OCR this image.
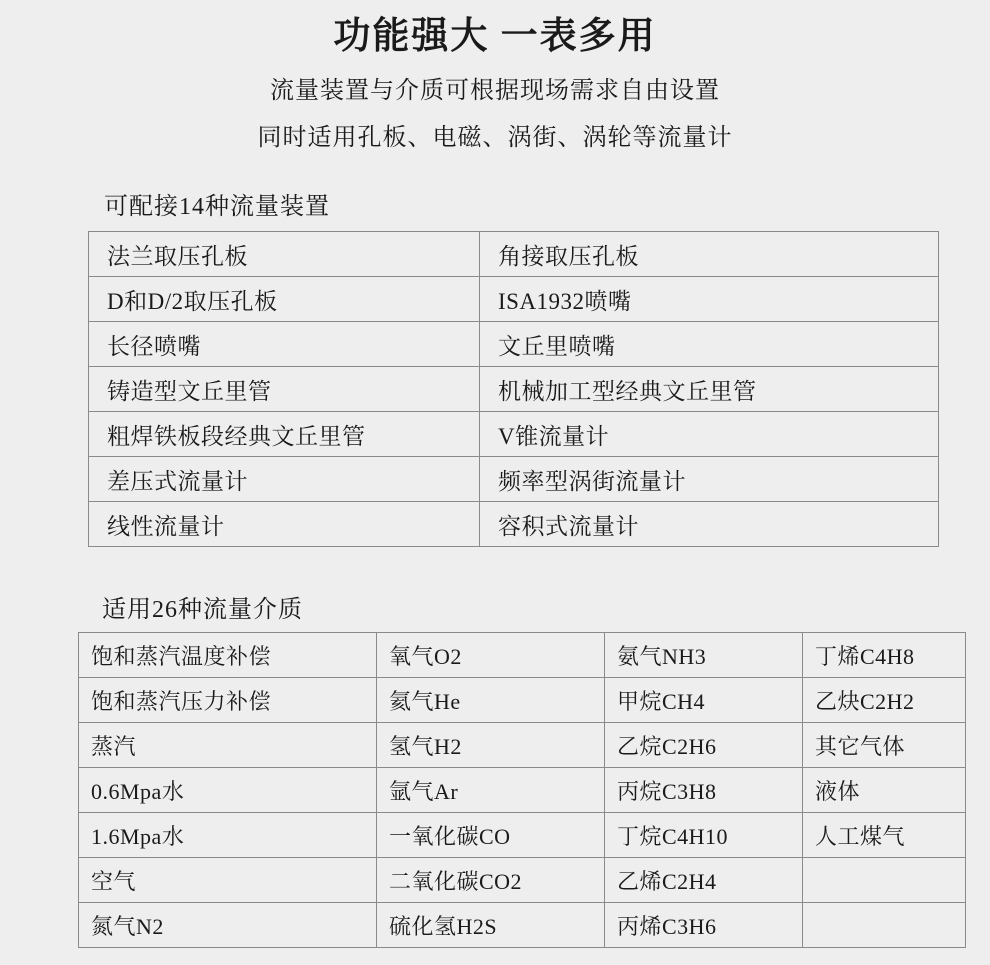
功能强大 一表多用
流量装置与介质可根据现场需求自由设置
同时适用孔板、电磁、涡街、涡轮等流量计
可配接14种流量装置
法兰取压孔板	角接取压孔板
D和D/2取压孔板	ISA1932喷嘴
长径喷嘴	文丘里喷嘴
铸造型文丘里管	机械加工型经典文丘里管
粗焊铁板段经典文丘里管	V锥流量计
差压式流量计	频率型涡街流量计
线性流量计	容积式流量计
适用26种流量介质
饱和蒸汽温度补偿	氧气O2	氨气NH3	丁烯C4H8
饱和蒸汽压力补偿	氦气He	甲烷CH4	乙炔C2H2
蒸汽	氢气H2	乙烷C2H6	其它气体
0.6Mpa水	氩气Ar	丙烷C3H8	液体
1.6Mpa水	一氧化碳CO	丁烷C4H10	人工煤气
空气	二氧化碳CO2	乙烯C2H4	
氮气N2	硫化氢H2S	丙烯C3H6	
